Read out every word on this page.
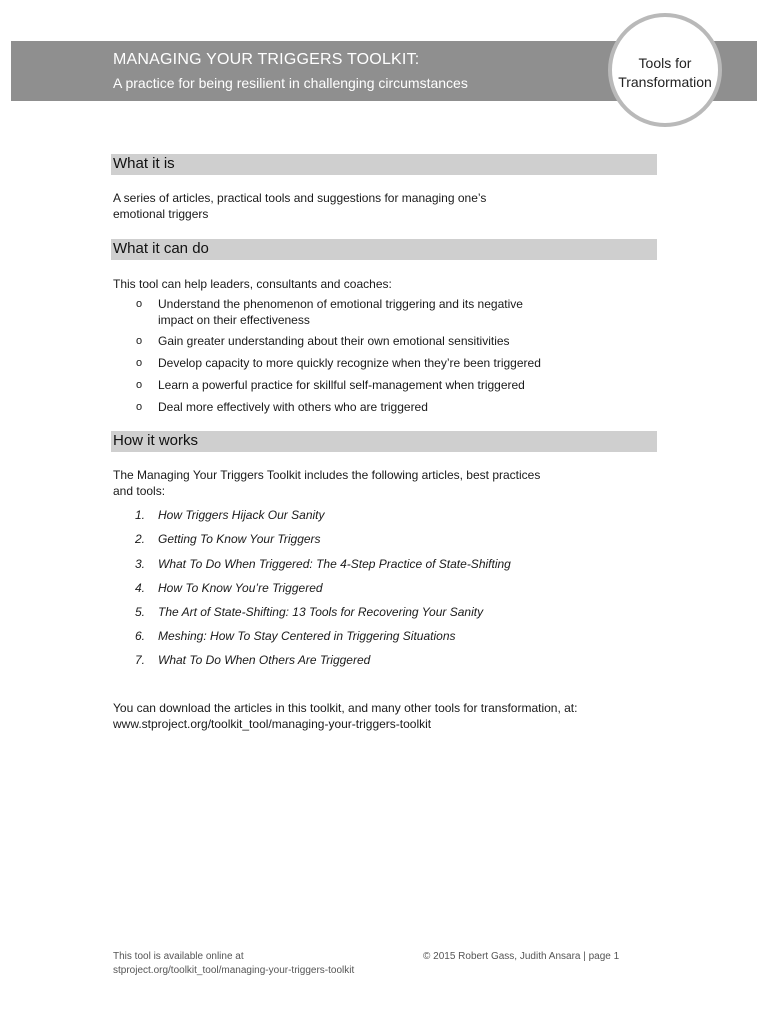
MANAGING YOUR TRIGGERS TOOLKIT:

A practice for being resilient in challenging circumstances

Tools for
Transformation
What it is

A series of articles, practical tools and suggestions for managing one’s
emotional triggers

What it can do

This tool can help leaders, consultants and coaches:

o Understand the phenomenon of emotional triggering and its negative
impact on their effectiveness
o Gain greater understanding about their own emotional sensitivities
o Develop capacity to more quickly recognize when they’re been triggered
o Learn a powerful practice for skillful self-management when triggered
o Deal more effectively with others who are triggered
How it works

The Managing Your Triggers Toolkit includes the following articles, best practices
and tools:

1. How Triggers Hijack Our Sanity
2. Getting To Know Your Triggers
3. What To Do When Triggered: The 4-Step Practice of State-Shifting
4. How To Know You’re Triggered
5. The Art of State-Shifting: 13 Tools for Recovering Your Sanity
6. Meshing: How To Stay Centered in Triggering Situations
7. What To Do When Others Are Triggered

You can download the articles in this toolkit, and many other tools for transformation, at:
www.stproject.org/toolkit_tool/managing-your-triggers-toolkit

This tool is available online at
stproject.org/toolkit_tool/managing-your-triggers-toolkit
© 2015 Robert Gass, Judith Ansara | page 1
